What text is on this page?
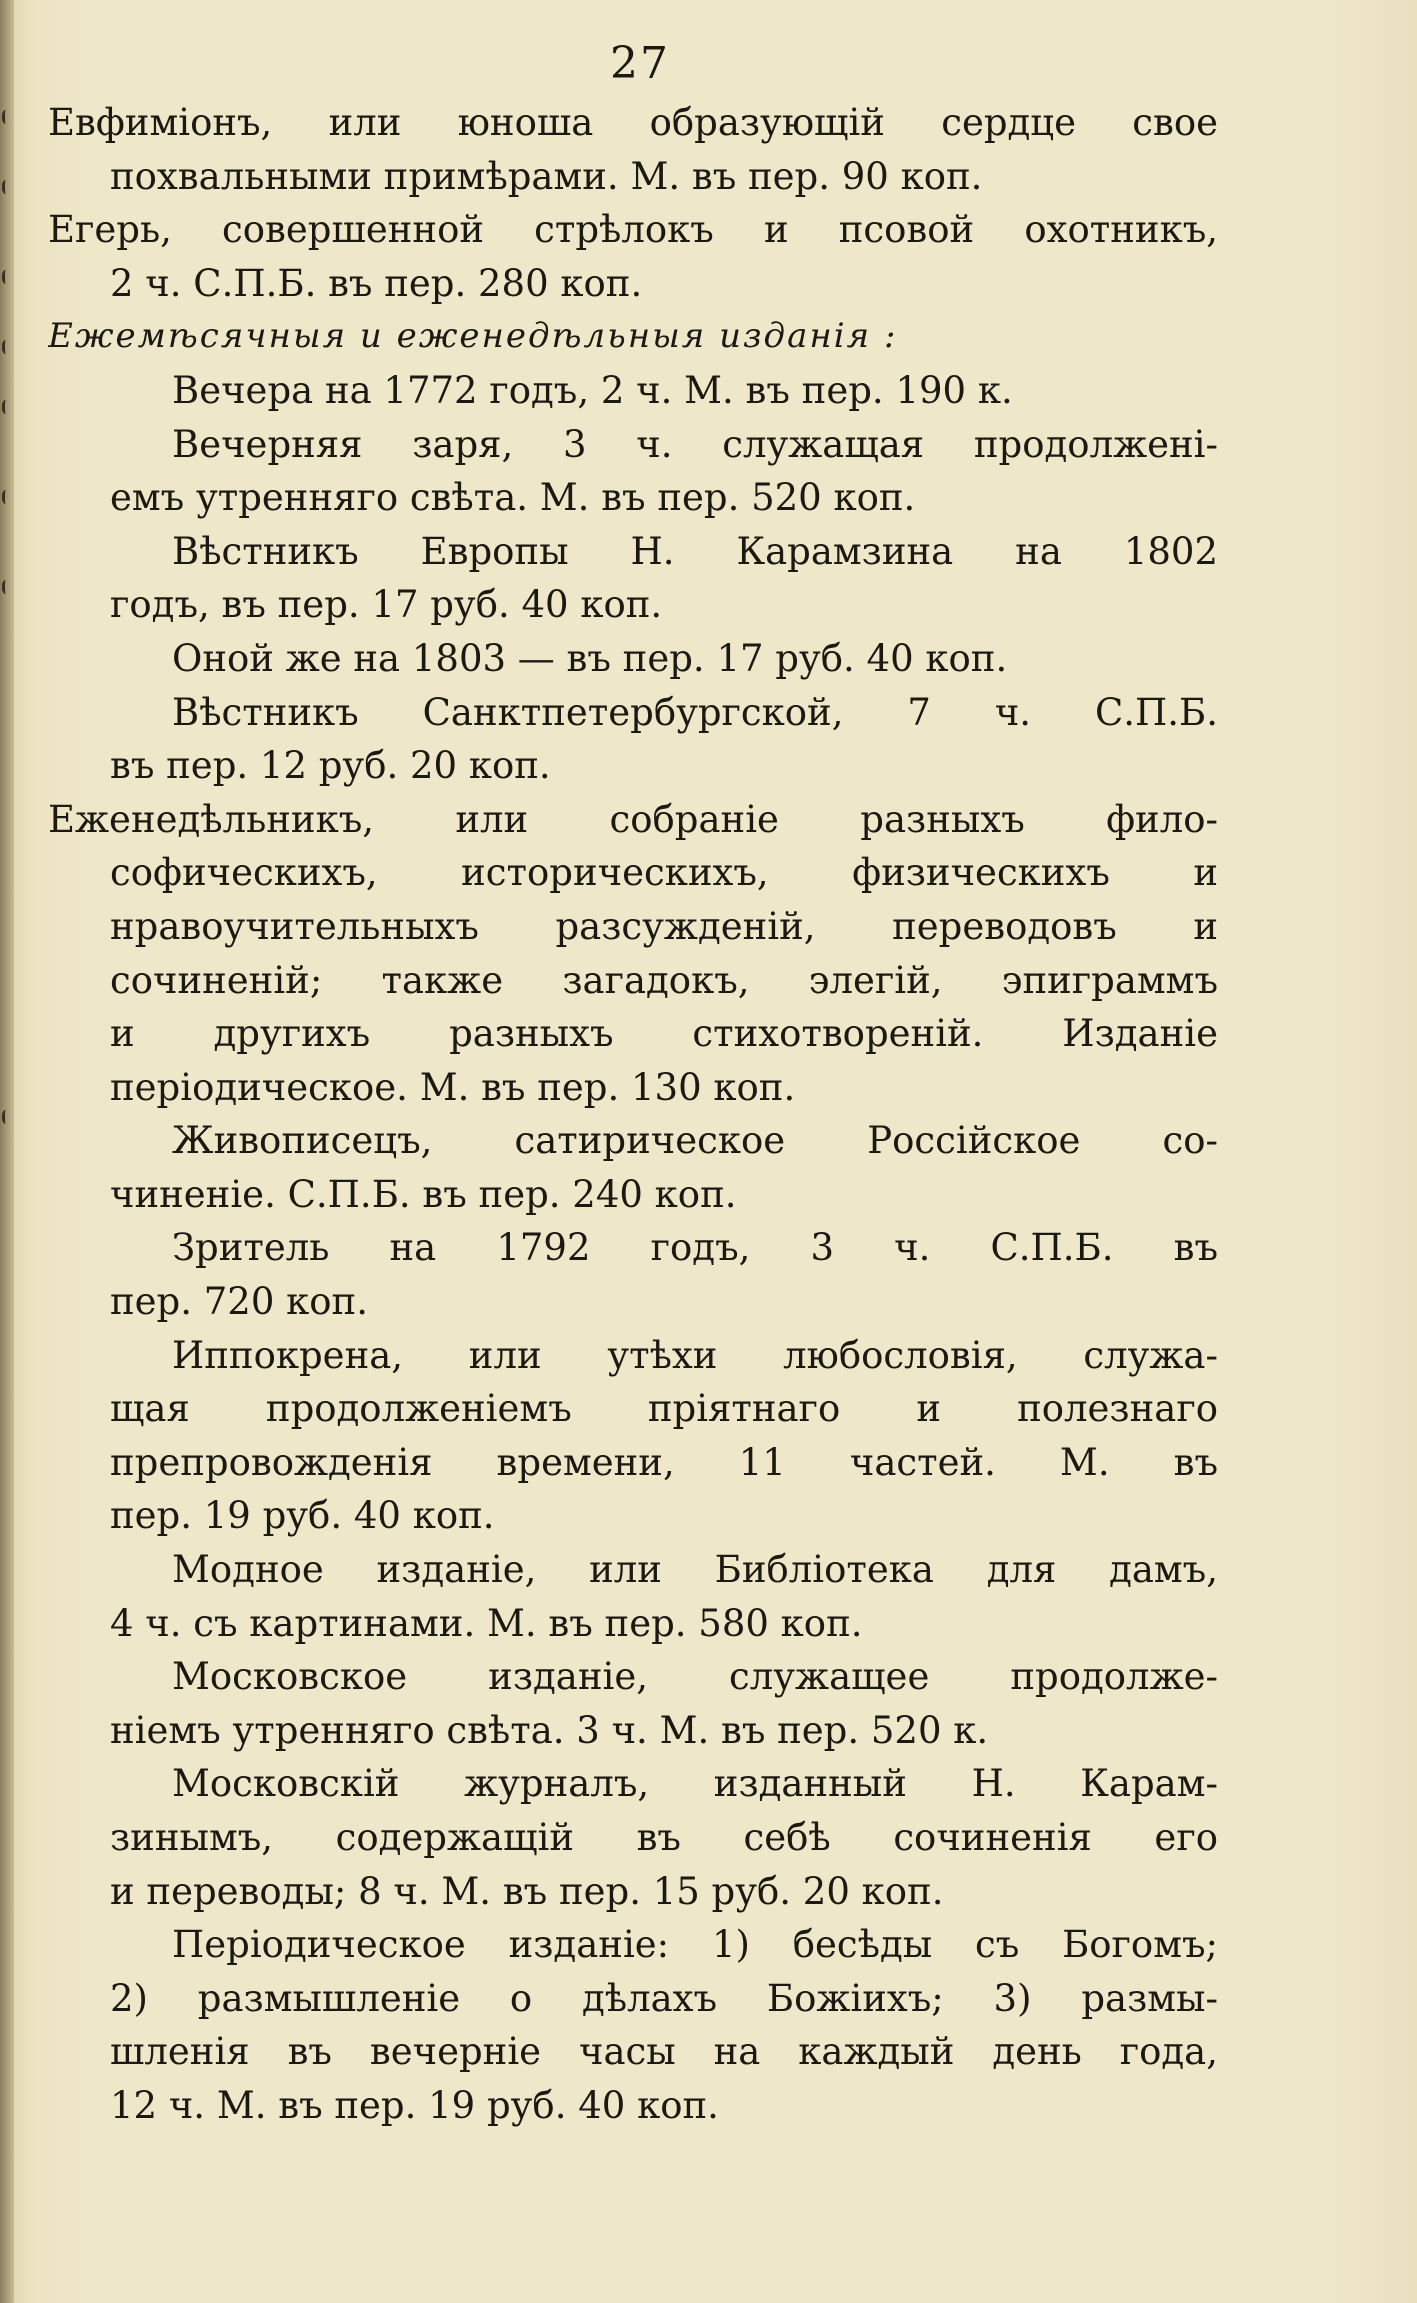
27
Евфиміонъ, или юноша образующій сердце свое
похвальными примѣрами. М. въ пер. 90 коп.
Егерь, совершенной стрѣлокъ и псовой охотникъ,
2 ч. С.П.Б. въ пер. 280 коп.
Ежемѣсячныя и еженедѣльныя изданія :
Вечера на 1772 годъ, 2 ч. М. въ пер. 190 к.
Вечерняя заря, 3 ч. служащая продолженi-
емъ утренняго свѣта. М. въ пер. 520 коп.
Вѣстникъ Европы Н. Карамзина на 1802
годъ, въ пер. 17 руб. 40 коп.
Оной же на 1803 — въ пер. 17 руб. 40 коп.
Вѣстникъ Санктпетербургской, 7 ч. С.П.Б.
въ пер. 12 руб. 20 коп.
Еженедѣльникъ, или собранiе разныхъ фило-
софическихъ, историческихъ, физическихъ и
нравоучительныхъ разсужденiй, переводовъ и
сочиненiй; также загадокъ, элегiй, эпиграммъ
и другихъ разныхъ стихотворенiй. Изданiе
перiодическое. М. въ пер. 130 коп.
Живописецъ, сатирическое Россiйское со-
чиненiе. С.П.Б. въ пер. 240 коп.
Зритель на 1792 годъ, 3 ч. С.П.Б. въ
пер. 720 коп.
Иппокрена, или утѣхи любословiя, служа-
щая продолженiемъ прiятнаго и полезнаго
препровожденiя времени, 11 частей. М. въ
пер. 19 руб. 40 коп.
Модное изданiе, или Библiотека для дамъ,
4 ч. съ картинами. М. въ пер. 580 коп.
Московское изданiе, служащее продолже-
нiемъ утренняго свѣта. 3 ч. М. въ пер. 520 к.
Московскiй журналъ, изданный Н. Карам-
зинымъ, содержащiй въ себѣ сочиненiя его
и переводы; 8 ч. М. въ пер. 15 руб. 20 коп.
Перiодическое изданiе: 1) бесѣды съ Богомъ;
2) размышленiе о дѣлахъ Божiихъ; 3) размы-
шленiя въ вечернiе часы на каждый день года,
12 ч. М. въ пер. 19 руб. 40 коп.
